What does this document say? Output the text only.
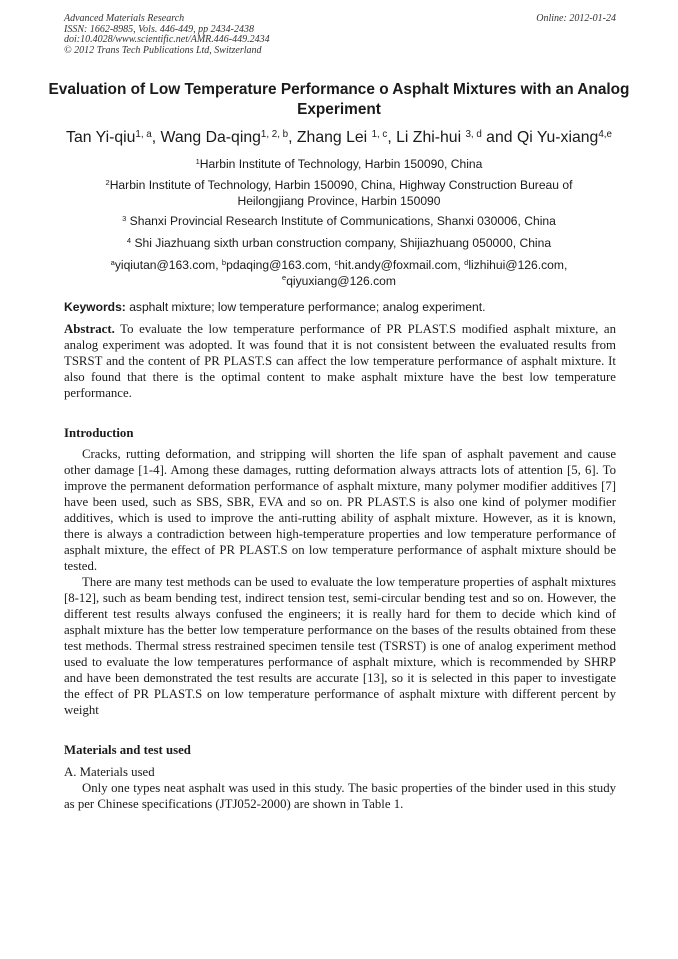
Advanced Materials Research
ISSN: 1662-8985, Vols. 446-449, pp 2434-2438
doi:10.4028/www.scientific.net/AMR.446-449.2434
© 2012 Trans Tech Publications Ltd, Switzerland
Online: 2012-01-24
Evaluation of Low Temperature Performance o Asphalt Mixtures with an Analog Experiment
Tan Yi-qiu$^{1, a}$, Wang Da-qing$^{1, 2, b}$, Zhang Lei $^{1, c}$, Li Zhi-hui $^{3, d}$ and Qi Yu-xiang$^{4,e}$
$^1$Harbin Institute of Technology, Harbin 150090, China
$^2$Harbin Institute of Technology, Harbin 150090, China, Highway Construction Bureau of Heilongjiang Province, Harbin 150090
$^3$ Shanxi Provincial Research Institute of Communications, Shanxi 030006, China
$^4$ Shi Jiazhuang sixth urban construction company, Shijiazhuang 050000, China
$^a$yiqiutan@163.com, $^b$pdaqing@163.com, $^c$hit.andy@foxmail.com, $^d$lizhihui@126.com,
$^e$qiyuxiang@126.com
Keywords: asphalt mixture; low temperature performance; analog experiment.
Abstract. To evaluate the low temperature performance of PR PLAST.S modified asphalt mixture, an analog experiment was adopted. It was found that it is not consistent between the evaluated results from TSRST and the content of PR PLAST.S can affect the low temperature performance of asphalt mixture. It also found that there is the optimal content to make asphalt mixture have the best low temperature performance.
Introduction

Cracks, rutting deformation, and stripping will shorten the life span of asphalt pavement and cause other damage [1-4]. Among these damages, rutting deformation always attracts lots of attention [5, 6]. To improve the permanent deformation performance of asphalt mixture, many polymer modifier additives [7] have been used, such as SBS, SBR, EVA and so on. PR PLAST.S is also one kind of polymer modifier additives, which is used to improve the anti-rutting ability of asphalt mixture. However, as it is known, there is always a contradiction between high-temperature properties and low temperature performance of asphalt mixture, the effect of PR PLAST.S on low temperature performance of asphalt mixture should be tested.

There are many test methods can be used to evaluate the low temperature properties of asphalt mixtures [8-12], such as beam bending test, indirect tension test, semi-circular bending test and so on. However, the different test results always confused the engineers; it is really hard for them to decide which kind of asphalt mixture has the better low temperature performance on the bases of the results obtained from these test methods. Thermal stress restrained specimen tensile test (TSRST) is one of analog experiment method used to evaluate the low temperatures performance of asphalt mixture, which is recommended by SHRP and have been demonstrated the test results are accurate [13], so it is selected in this paper to investigate the effect of PR PLAST.S on low temperature performance of asphalt mixture with different percent by weight

Materials and test used
A. Materials used

Only one types neat asphalt was used in this study. The basic properties of the binder used in this study as per Chinese specifications (JTJ052-2000) are shown in Table 1.
